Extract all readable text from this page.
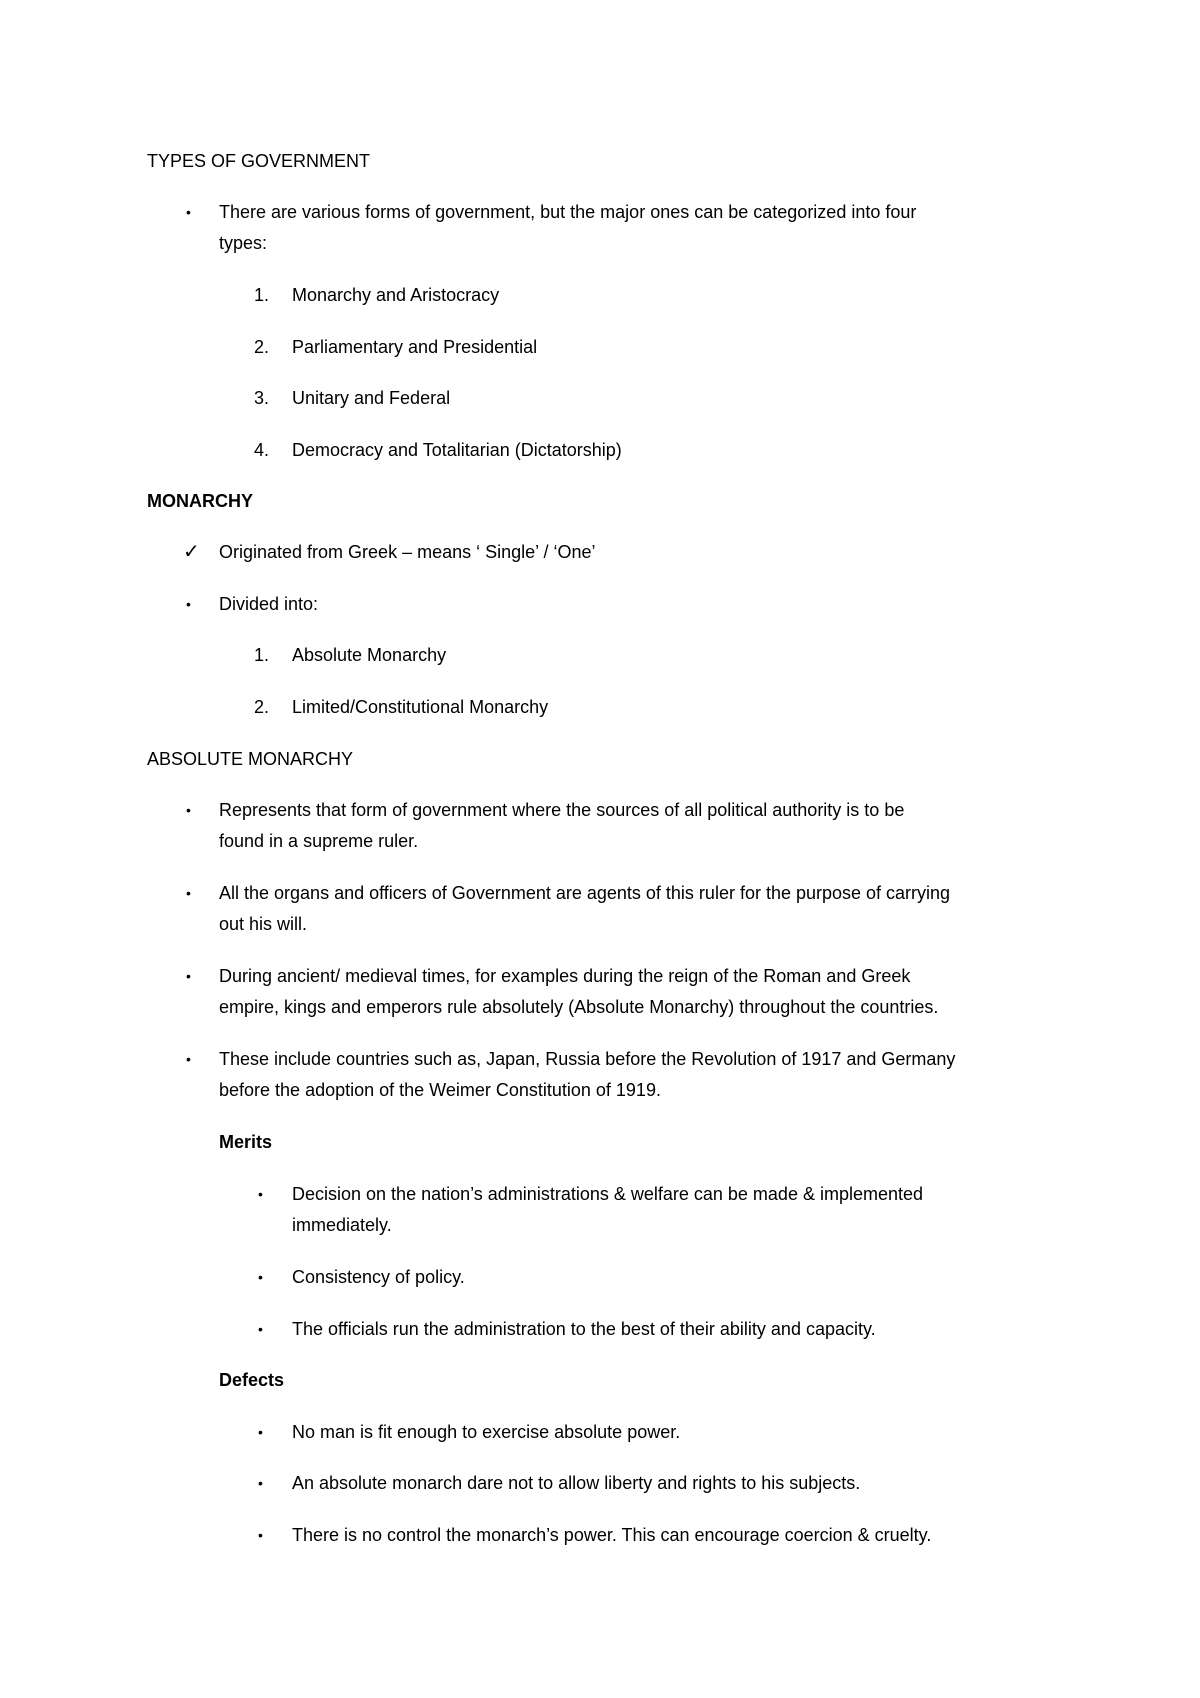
TYPES OF GOVERNMENT
• There are various forms of government, but the major ones can be categorized into four
types:
1. Monarchy and Aristocracy
2. Parliamentary and Presidential
3. Unitary and Federal
4. Democracy and Totalitarian (Dictatorship)
MONARCHY
✓ Originated from Greek – means ‘ Single’ / ‘One’
• Divided into:
1. Absolute Monarchy
2. Limited/Constitutional Monarchy
ABSOLUTE MONARCHY
• Represents that form of government where the sources of all political authority is to be
found in a supreme ruler.
• All the organs and officers of Government are agents of this ruler for the purpose of carrying
out his will.
• During ancient/ medieval times, for examples during the reign of the Roman and Greek
empire, kings and emperors rule absolutely (Absolute Monarchy) throughout the countries.
• These include countries such as, Japan, Russia before the Revolution of 1917 and Germany
before the adoption of the Weimer Constitution of 1919.
Merits
• Decision on the nation’s administrations & welfare can be made & implemented
immediately.
• Consistency of policy.
• The officials run the administration to the best of their ability and capacity.
Defects
• No man is fit enough to exercise absolute power.
• An absolute monarch dare not to allow liberty and rights to his subjects.
• There is no control the monarch’s power. This can encourage coercion & cruelty.
